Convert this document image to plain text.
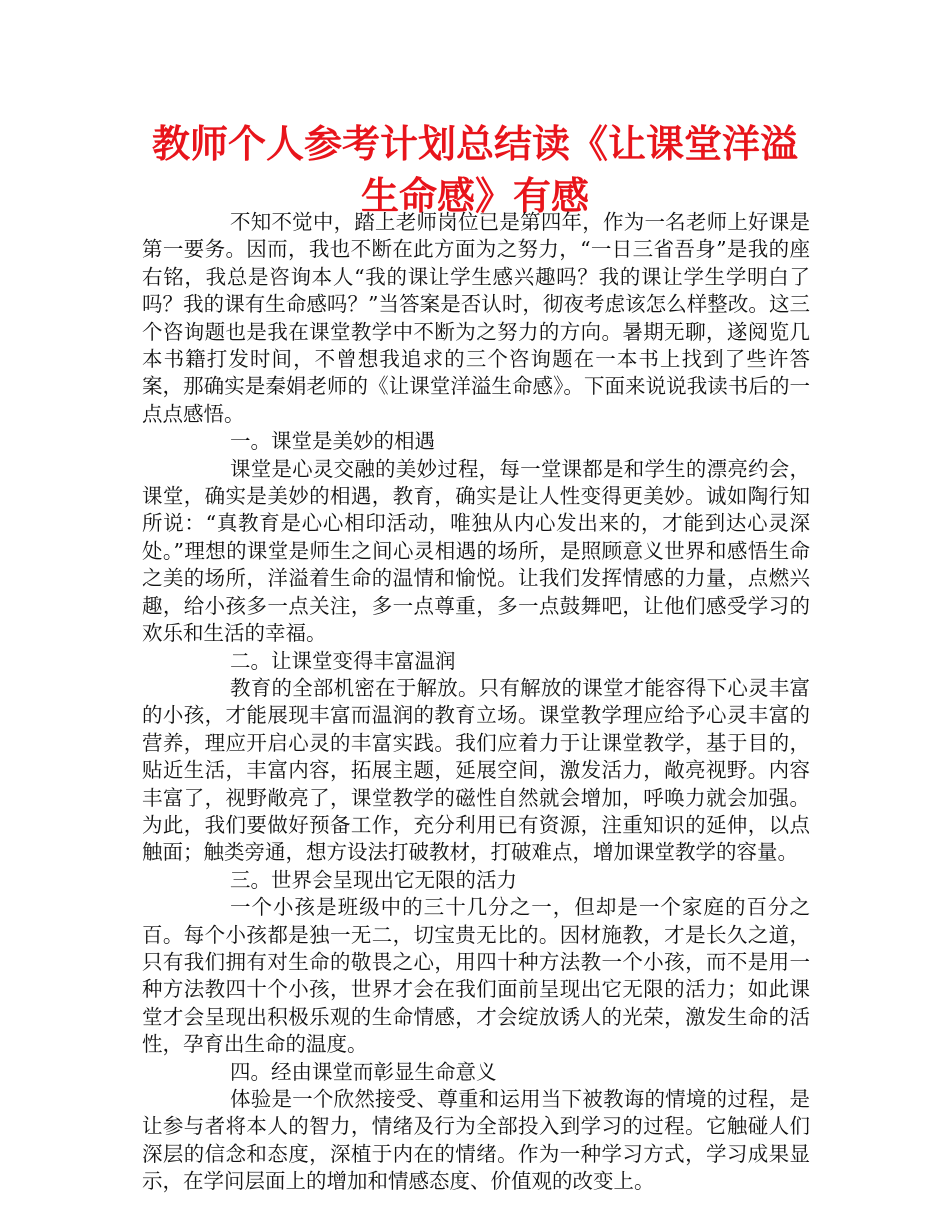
教师个人参考计划总结读《让课堂洋溢生命感》有感

不知不觉中，踏上老师岗位已是第四年，作为一名老师上好课是第一要务。因而，我也不断在此方面为之努力，“一日三省吾身”是我的座右铭，我总是咨询本人“我的课让学生感兴趣吗？我的课让学生学明白了吗？我的课有生命感吗？”当答案是否认时，彻夜考虑该怎么样整改。这三个咨询题也是我在课堂教学中不断为之努力的方向。暑期无聊，遂阅览几本书籍打发时间，不曾想我追求的三个咨询题在一本书上找到了些许答案，那确实是秦娟老师的《让课堂洋溢生命感》。下面来说说我读书后的一点点感悟。

一。课堂是美妙的相遇

课堂是心灵交融的美妙过程，每一堂课都是和学生的漂亮约会，课堂，确实是美妙的相遇，教育，确实是让人性变得更美妙。诚如陶行知所说：“真教育是心心相印活动，唯独从内心发出来的，才能到达心灵深处。”理想的课堂是师生之间心灵相遇的场所，是照顾意义世界和感悟生命之美的场所，洋溢着生命的温情和愉悦。让我们发挥情感的力量，点燃兴趣，给小孩多一点关注，多一点尊重，多一点鼓舞吧，让他们感受学习的欢乐和生活的幸福。

二。让课堂变得丰富温润

教育的全部机密在于解放。只有解放的课堂才能容得下心灵丰富的小孩，才能展现丰富而温润的教育立场。课堂教学理应给予心灵丰富的营养，理应开启心灵的丰富实践。我们应着力于让课堂教学，基于目的，贴近生活，丰富内容，拓展主题，延展空间，激发活力，敞亮视野。内容丰富了，视野敞亮了，课堂教学的磁性自然就会增加，呼唤力就会加强。为此，我们要做好预备工作，充分利用已有资源，注重知识的延伸，以点触面；触类旁通，想方设法打破教材，打破难点，增加课堂教学的容量。

三。世界会呈现出它无限的活力

一个小孩是班级中的三十几分之一，但却是一个家庭的百分之百。每个小孩都是独一无二，切宝贵无比的。因材施教，才是长久之道，只有我们拥有对生命的敬畏之心，用四十种方法教一个小孩，而不是用一种方法教四十个小孩，世界才会在我们面前呈现出它无限的活力；如此课堂才会呈现出积极乐观的生命情感，才会绽放诱人的光荣，激发生命的活性，孕育出生命的温度。

四。经由课堂而彰显生命意义

体验是一个欣然接受、尊重和运用当下被教诲的情境的过程，是让参与者将本人的智力，情绪及行为全部投入到学习的过程。它触碰人们深层的信念和态度，深植于内在的情绪。作为一种学习方式，学习成果显示，在学问层面上的增加和情感态度、价值观的改变上。
